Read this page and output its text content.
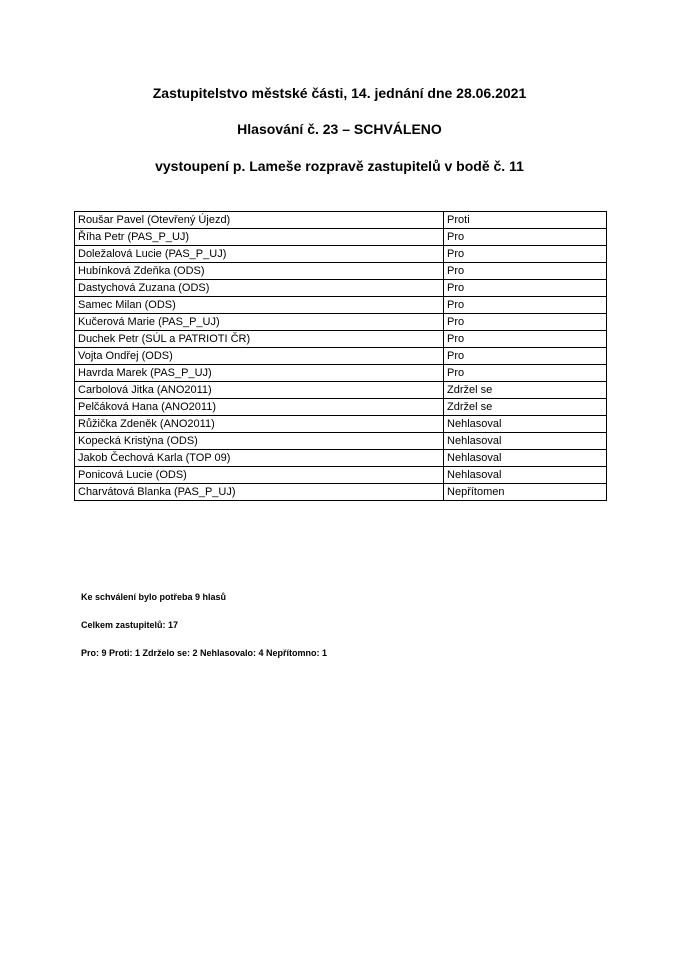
Zastupitelstvo městské části, 14. jednání dne 28.06.2021
Hlasování č. 23 – SCHVÁLENO
vystoupení p. Lameše rozpravě zastupitelů v bodě č. 11
Roušar Pavel (Otevřený Újezd)	Proti
Říha Petr (PAS_P_UJ)	Pro
Doležalová Lucie (PAS_P_UJ)	Pro
Hubínková Zdeňka (ODS)	Pro
Dastychová Zuzana (ODS)	Pro
Samec Milan (ODS)	Pro
Kučerová Marie (PAS_P_UJ)	Pro
Duchek Petr (SÚL a PATRIOTI ČR)	Pro
Vojta Ondřej (ODS)	Pro
Havrda Marek (PAS_P_UJ)	Pro
Carbolová Jitka (ANO2011)	Zdržel se
Pelčáková Hana (ANO2011)	Zdržel se
Růžička Zdeněk (ANO2011)	Nehlasoval
Kopecká Kristýna (ODS)	Nehlasoval
Jakob Čechová Karla (TOP 09)	Nehlasoval
Ponicová Lucie (ODS)	Nehlasoval
Charvátová Blanka (PAS_P_UJ)	Nepřítomen

Ke schválení bylo potřeba 9 hlasů

Celkem zastupitelů: 17

Pro: 9 Proti: 1 Zdrželo se: 2 Nehlasovalo: 4 Nepřítomno: 1
